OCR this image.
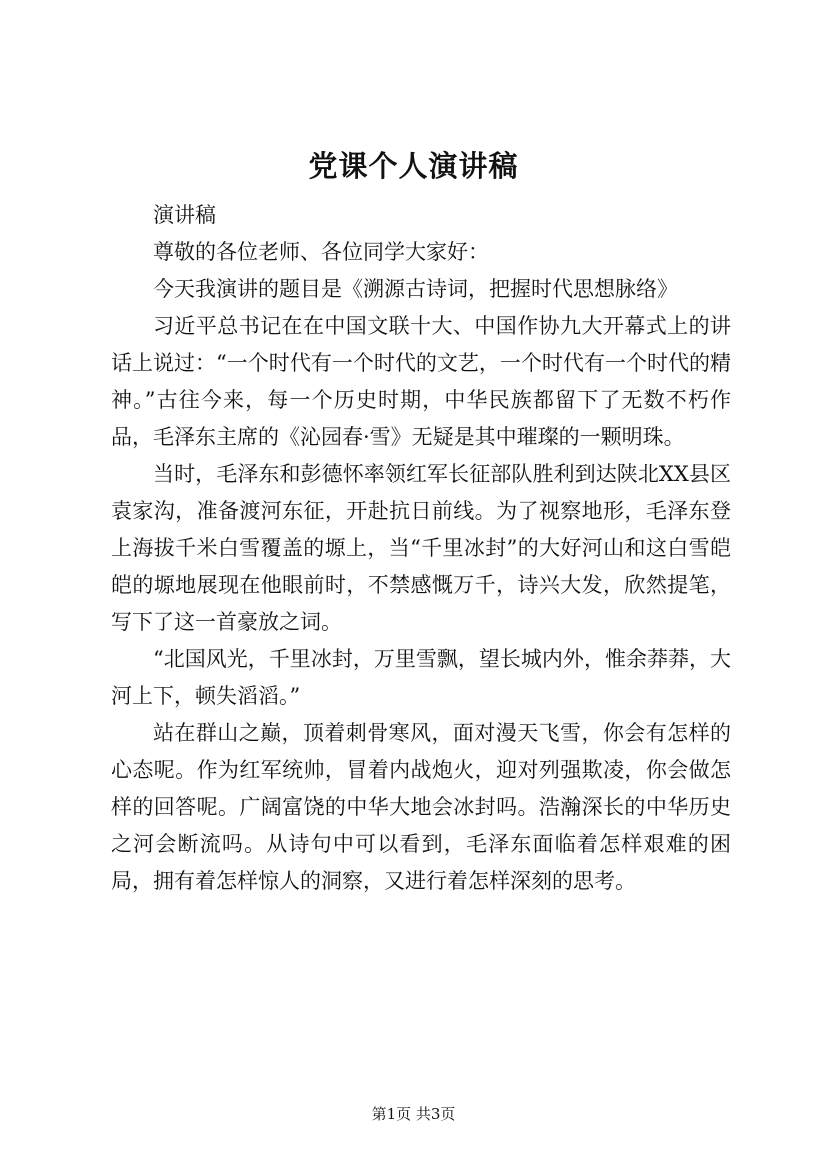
党课个人演讲稿

演讲稿

尊敬的各位老师、各位同学大家好：

今天我演讲的题目是《溯源古诗词，把握时代思想脉络》

习近平总书记在在中国文联十大、中国作协九大开幕式上的讲话上说过：“一个时代有一个时代的文艺，一个时代有一个时代的精神。”古往今来，每一个历史时期，中华民族都留下了无数不朽作品，毛泽东主席的《沁园春·雪》无疑是其中璀璨的一颗明珠。

当时，毛泽东和彭德怀率领红军长征部队胜利到达陕北XX县区袁家沟，准备渡河东征，开赴抗日前线。为了视察地形，毛泽东登上海拔千米白雪覆盖的塬上，当“千里冰封”的大好河山和这白雪皑皑的塬地展现在他眼前时，不禁感慨万千，诗兴大发，欣然提笔，写下了这一首豪放之词。

“北国风光，千里冰封，万里雪飘，望长城内外，惟余莽莽，大河上下，顿失滔滔。”

站在群山之巅，顶着刺骨寒风，面对漫天飞雪，你会有怎样的心态呢。作为红军统帅，冒着内战炮火，迎对列强欺凌，你会做怎样的回答呢。广阔富饶的中华大地会冰封吗。浩瀚深长的中华历史之河会断流吗。从诗句中可以看到，毛泽东面临着怎样艰难的困局，拥有着怎样惊人的洞察，又进行着怎样深刻的思考。

第1页 共3页
